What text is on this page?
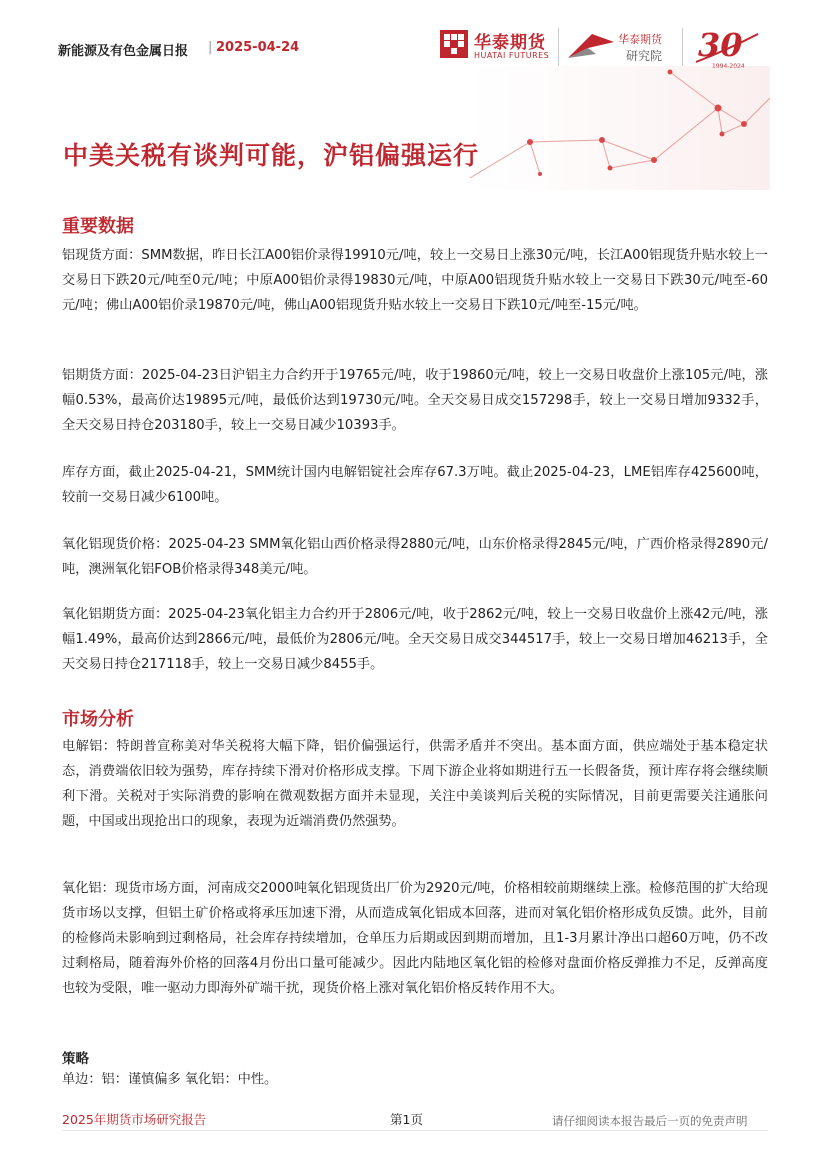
新能源及有色金属日报 | 2025-04-24	华泰期货
HUATAI FUTURES
华泰期货
研究院 30
1994-2024
中美关税有谈判可能，沪铝偏强运行
重要数据

铝现货方面：SMM数据，昨日长江A00铝价录得19910元/吨，较上一交易日上涨30元/吨，长江A00铝现货升贴水较上一交易日下跌20元/吨至0元/吨；中原A00铝价录得19830元/吨，中原A00铝现货升贴水较上一交易日下跌30元/吨至-60元/吨；佛山A00铝价录19870元/吨，佛山A00铝现货升贴水较上一交易日下跌10元/吨至-15元/吨。

铝期货方面：2025-04-23日沪铝主力合约开于19765元/吨，收于19860元/吨，较上一交易日收盘价上涨105元/吨，涨幅0.53%，最高价达19895元/吨，最低价达到19730元/吨。全天交易日成交157298手，较上一交易日增加9332手，全天交易日持仓203180手，较上一交易日减少10393手。

库存方面，截止2025-04-21，SMM统计国内电解铝锭社会库存67.3万吨。截止2025-04-23，LME铝库存425600吨，较前一交易日减少6100吨。

氧化铝现货价格：2025-04-23 SMM氧化铝山西价格录得2880元/吨，山东价格录得2845元/吨，广西价格录得2890元/吨，澳洲氧化铝FOB价格录得348美元/吨。

氧化铝期货方面：2025-04-23氧化铝主力合约开于2806元/吨，收于2862元/吨，较上一交易日收盘价上涨42元/吨，涨幅1.49%，最高价达到2866元/吨，最低价为2806元/吨。全天交易日成交344517手，较上一交易日增加46213手，全天交易日持仓217118手，较上一交易日减少8455手。

市场分析

电解铝：特朗普宣称美对华关税将大幅下降，铝价偏强运行，供需矛盾并不突出。基本面方面，供应端处于基本稳定状态，消费端依旧较为强势，库存持续下滑对价格形成支撑。下周下游企业将如期进行五一长假备货，预计库存将会继续顺利下滑。关税对于实际消费的影响在微观数据方面并未显现，关注中美谈判后关税的实际情况，目前更需要关注通胀问题，中国或出现抢出口的现象，表现为近端消费仍然强势。

氧化铝：现货市场方面，河南成交2000吨氧化铝现货出厂价为2920元/吨，价格相较前期继续上涨。检修范围的扩大给现货市场以支撑，但铝土矿价格或将承压加速下滑，从而造成氧化铝成本回落，进而对氧化铝价格形成负反馈。此外，目前的检修尚未影响到过剩格局，社会库存持续增加，仓单压力后期或因到期而增加，且1-3月累计净出口超60万吨，仍不改过剩格局，随着海外价格的回落4月份出口量可能减少。因此内陆地区氧化铝的检修对盘面价格反弹推力不足，反弹高度也较为受限，唯一驱动力即海外矿端干扰，现货价格上涨对氧化铝价格反转作用不大。

策略

单边：铝：谨慎偏多 氧化铝：中性。

2025年期货市场研究报告	第1页	请仔细阅读本报告最后一页的免责声明
